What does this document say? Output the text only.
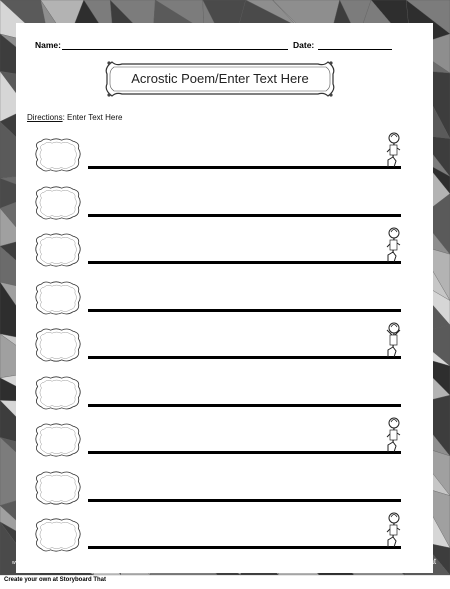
Name:	Date:
Acrostic Poem/Enter Text Here
Directions: Enter Text Here
www.storyboardthat.com	StoryboardThat
Create your own at Storyboard That
